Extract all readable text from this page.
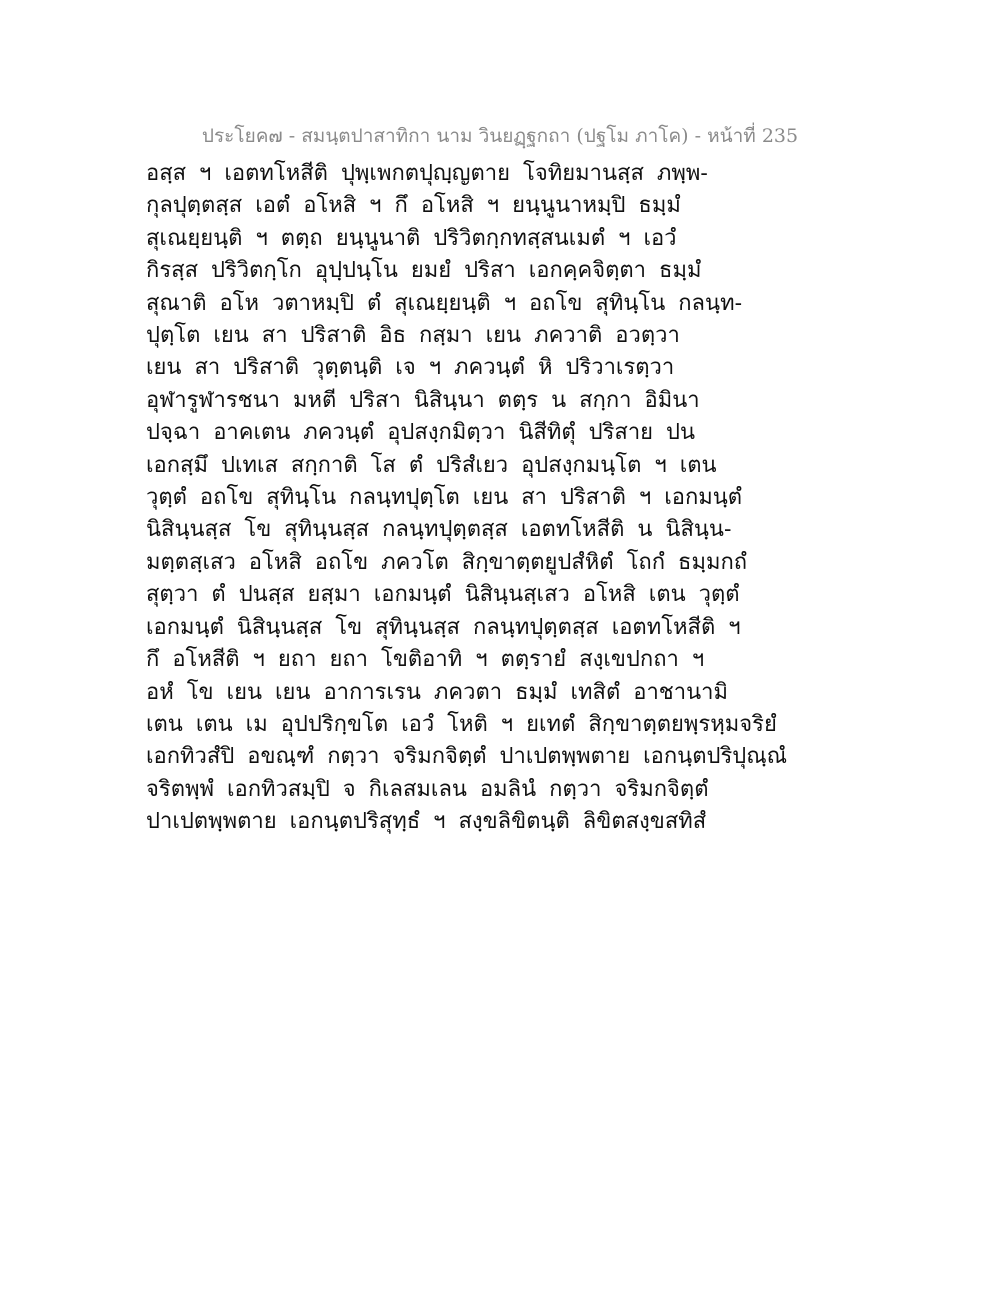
ประโยค๗ - สมนฺตปาสาทิกา นาม วินยฏฺฐกถา (ปฐโม ภาโค) - หน้าที่ 235
อสฺส ฯ เอตทโหสีติ ปุพฺเพกตปุญฺญตาย โจทิยมานสฺส ภพฺพ-
กุลปุตฺตสฺส เอตํ อโหสิ ฯ กึ อโหสิ ฯ ยนฺนูนาหมฺปิ ธมฺมํ
สุเณยฺยนฺติ ฯ ตตฺถ ยนฺนูนาติ ปริวิตกฺกทสฺสนเมตํ ฯ เอวํ
กิรสฺส ปริวิตกฺโก อุปฺปนฺโน ยมยํ ปริสา เอกคฺคจิตฺตา ธมฺมํ
สุณาติ อโห วตาหมฺปิ ตํ สุเณยฺยนฺติ ฯ อถโข สุทินฺโน กลนฺท-
ปุตฺโต เยน สา ปริสาติ อิธ กสฺมา เยน ภควาติ อวตฺวา
เยน สา ปริสาติ วุตฺตนฺติ เจ ฯ ภควนฺตํ หิ ปริวาเรตฺวา
อุฬารูฬารชนา มหตี ปริสา นิสินฺนา ตตฺร น สกฺกา อิมินา
ปจฺฉา อาคเตน ภควนฺตํ อุปสงฺกมิตฺวา นิสีทิตุํ ปริสาย ปน
เอกสฺมึ ปเทเส สกฺกาติ โส ตํ ปริสํเยว อุปสงฺกมนฺโต ฯ เตน
วุตฺตํ อถโข สุทินฺโน กลนฺทปุตฺโต เยน สา ปริสาติ ฯ เอกมนฺตํ
นิสินฺนสฺส โข สุทินฺนสฺส กลนฺทปุตฺตสฺส เอตทโหสีติ น นิสินฺน-
มตฺตสฺเสว อโหสิ อถโข ภควโต สิกฺขาตฺตยูปสํหิตํ โถกํ ธมฺมกถํ
สุตฺวา ตํ ปนสฺส ยสฺมา เอกมนฺตํ นิสินฺนสฺเสว อโหสิ เตน วุตฺตํ
เอกมนฺตํ นิสินฺนสฺส โข สุทินฺนสฺส กลนฺทปุตฺตสฺส เอตทโหสีติ ฯ
กึ อโหสีติ ฯ ยถา ยถา โขติอาทิ ฯ ตตฺรายํ สงฺเขปกถา ฯ
อหํ โข เยน เยน อาการเรน ภควตา ธมฺมํ เทสิตํ อาชานามิ
เตน เตน เม อุปปริกฺขโต เอวํ โหติ ฯ ยเทตํ สิกฺขาตฺตยพฺรหฺมจริยํ
เอกทิวสํปิ อขณฺฑํ กตฺวา จริมกจิตฺตํ ปาเปตพฺพตาย เอกนฺตปริปุณฺณํ
จริตพฺพํ เอกทิวสมฺปิ จ กิเลสมเลน อมลินํ กตฺวา จริมกจิตฺตํ
ปาเปตพฺพตาย เอกนฺตปริสุทฺธํ ฯ สงฺขลิขิตนฺติ ลิขิตสงฺขสทิสํ
